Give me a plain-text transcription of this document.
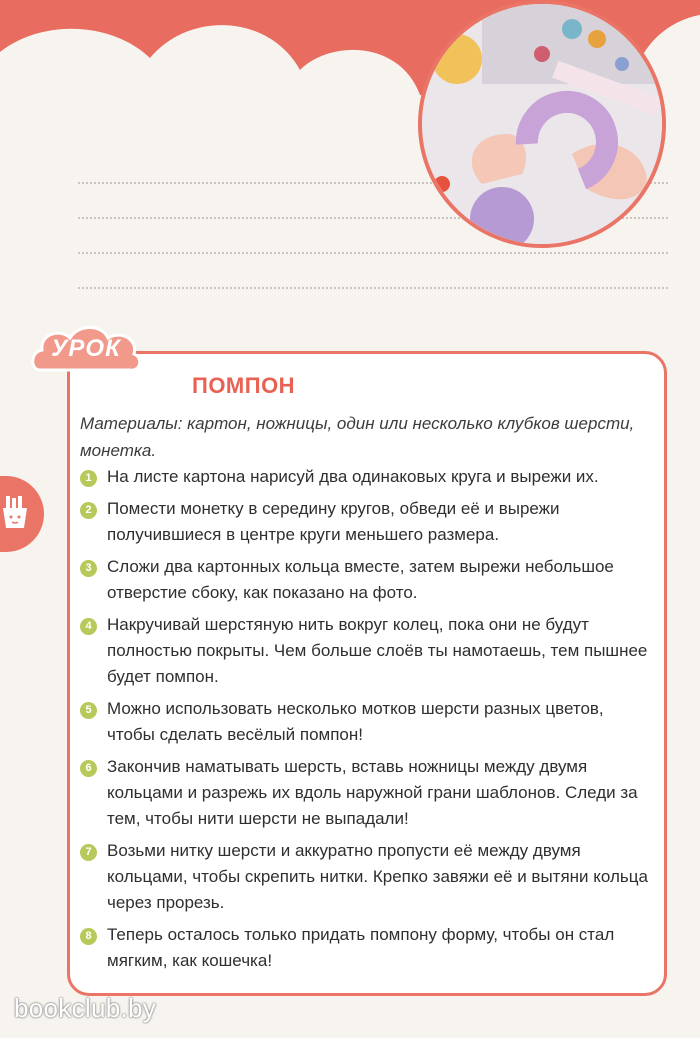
УРОК
ПОМПОН
Материалы: картон, ножницы, один или несколько клубков шерсти, монетка.
1 На листе картона нарисуй два одинаковых круга и вырежи их.
2 Помести монетку в середину кругов, обведи её и вырежи получившиеся в центре круги меньшего размера.
3 Сложи два картонных кольца вместе, затем вырежи небольшое отверстие сбоку, как показано на фото.
4 Накручивай шерстяную нить вокруг колец, пока они не будут полностью покрыты. Чем больше слоёв ты намотаешь, тем пышнее будет помпон.
5 Можно использовать несколько мотков шерсти разных цветов, чтобы сделать весёлый помпон!
6 Закончив наматывать шерсть, вставь ножницы между двумя кольцами и разрежь их вдоль наружной грани шаблонов. Следи за тем, чтобы нити шерсти не выпадали!
7 Возьми нитку шерсти и аккуратно пропусти её между двумя кольцами, чтобы скрепить нитки. Крепко завяжи её и вытяни кольца через прорезь.
8 Теперь осталось только придать помпону форму, чтобы он стал мягким, как кошечка!
bookclub.by
